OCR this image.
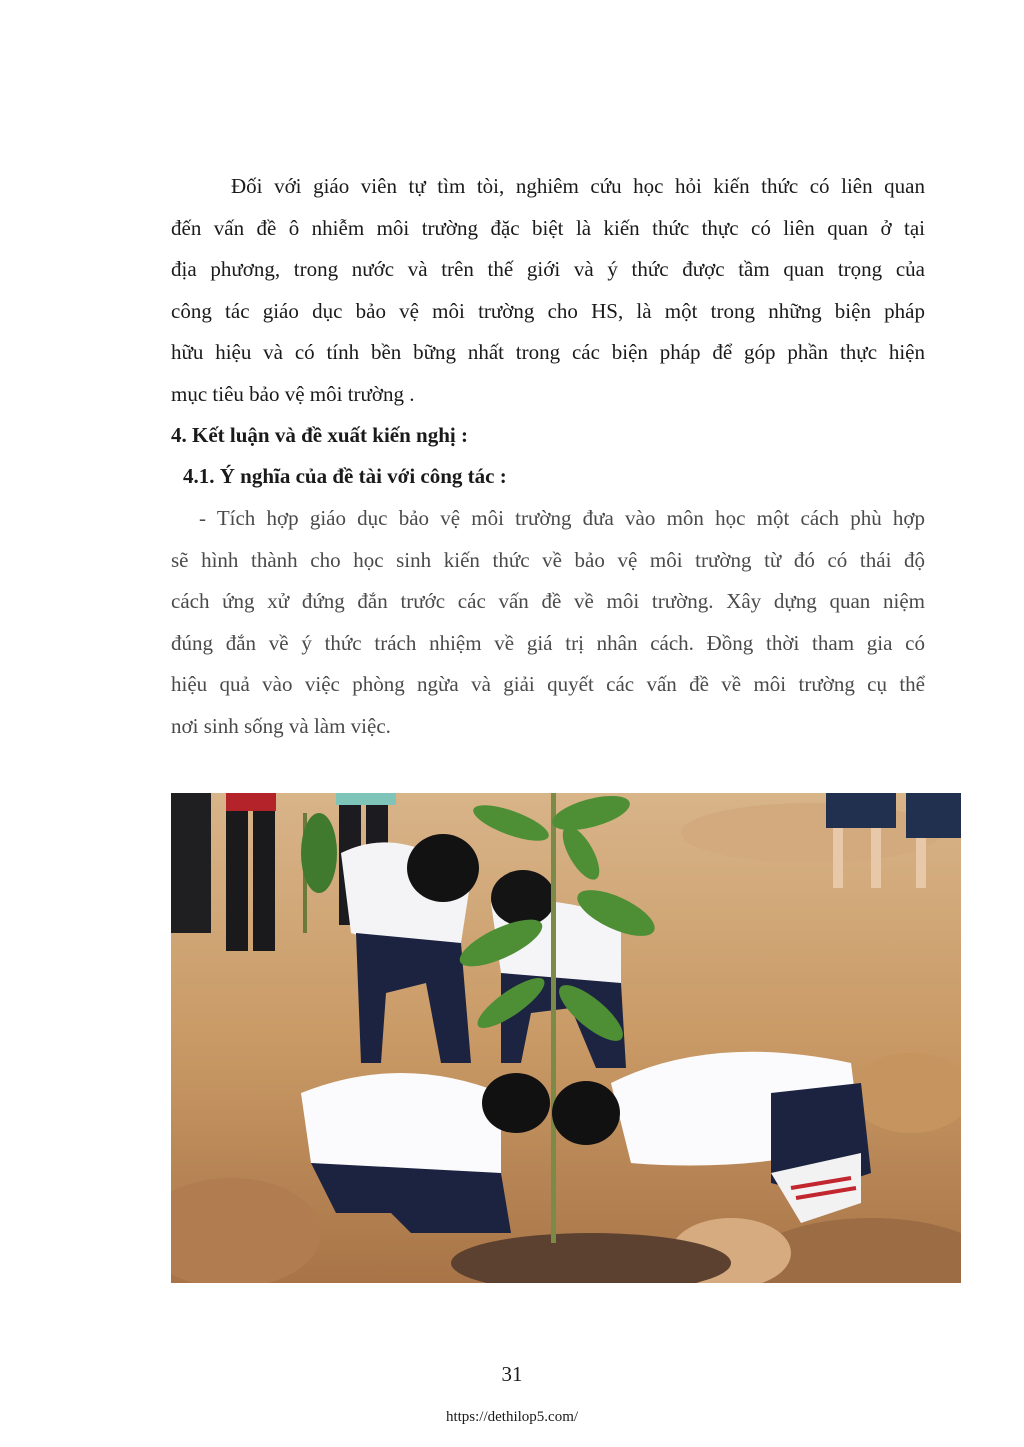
Đối với giáo viên tự tìm tòi, nghiêm cứu học hỏi kiến thức có liên quan
đến vấn đề ô nhiễm môi trường đặc biệt là kiến thức thực có liên quan ở tại
địa phương, trong nước và trên thế giới và ý thức được tầm quan trọng của
công tác giáo dục bảo vệ môi trường cho HS, là một trong những biện pháp
hữu hiệu và có tính bền bững nhất trong các biện pháp để góp phần thực hiện
mục tiêu bảo vệ môi trường .
4. Kết luận và đề xuất kiến nghị :
4.1. Ý nghĩa của đề tài với công tác :
- Tích hợp giáo dục bảo vệ môi trường đưa vào môn học một cách phù hợp
sẽ hình thành cho học sinh kiến thức về bảo vệ môi trường từ đó có thái độ
cách ứng xử đứng đắn trước các vấn đề về môi trường. Xây dựng quan niệm
đúng đắn về ý thức trách nhiệm về giá trị nhân cách. Đồng thời tham gia có
hiệu quả vào việc phòng ngừa và giải quyết các vấn đề về môi trường cụ thể
nơi sinh sống và làm việc.
31
https://dethilop5.com/
